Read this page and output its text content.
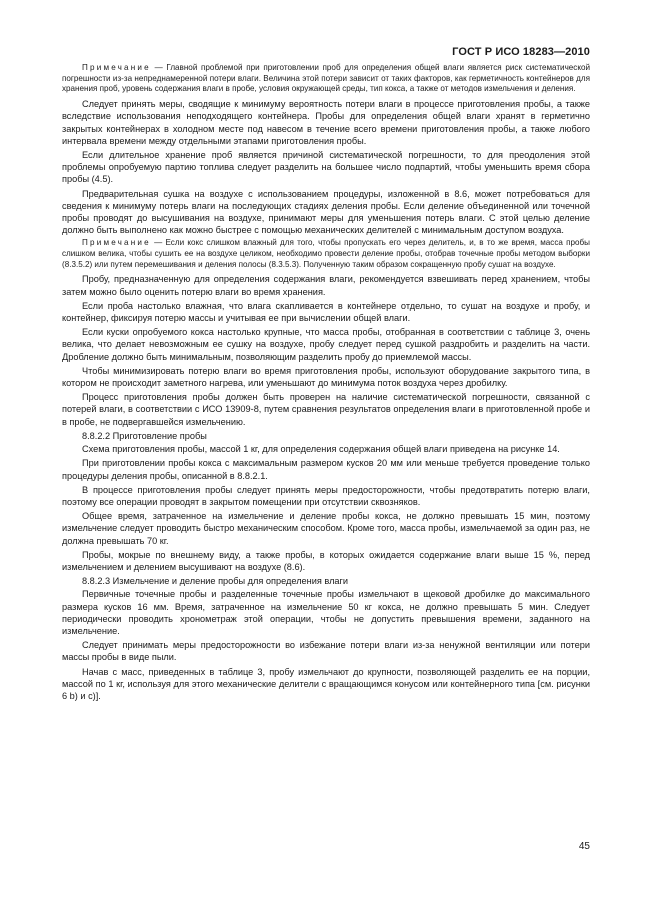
ГОСТ Р ИСО 18283—2010

Примечание — Главной проблемой при приготовлении проб для определения общей влаги является риск систематической погрешности из-за непреднамеренной потери влаги. Величина этой потери зависит от таких факторов, как герметичность контейнеров для хранения проб, уровень содержания влаги в пробе, условия окружающей среды, тип кокса, а также от методов измельчения и деления.

Следует принять меры, сводящие к минимуму вероятность потери влаги в процессе приготовления пробы, а также вследствие использования неподходящего контейнера. Пробы для определения общей влаги хранят в герметично закрытых контейнерах в холодном месте под навесом в течение всего времени приготовления пробы, а также любого интервала времени между отдельными этапами приготовления пробы.

Если длительное хранение проб является причиной систематической погрешности, то для преодоления этой проблемы опробуемую партию топлива следует разделить на большее число подпартий, чтобы уменьшить время сбора пробы (4.5).

Предварительная сушка на воздухе с использованием процедуры, изложенной в 8.6, может потребоваться для сведения к минимуму потерь влаги на последующих стадиях деления пробы. Если деление объединенной или точечной пробы проводят до высушивания на воздухе, принимают меры для уменьшения потерь влаги. С этой целью деление должно быть выполнено как можно быстрее с помощью механических делителей с минимальным доступом воздуха.

Примечание — Если кокс слишком влажный для того, чтобы пропускать его через делитель, и, в то же время, масса пробы слишком велика, чтобы сушить ее на воздухе целиком, необходимо провести деление пробы, отобрав точечные пробы методом выборки (8.3.5.2) или путем перемешивания и деления полосы (8.3.5.3). Полученную таким образом сокращенную пробу сушат на воздухе.

Пробу, предназначенную для определения содержания влаги, рекомендуется взвешивать перед хранением, чтобы затем можно было оценить потерю влаги во время хранения.

Если проба настолько влажная, что влага скапливается в контейнере отдельно, то сушат на воздухе и пробу, и контейнер, фиксируя потерю массы и учитывая ее при вычислении общей влаги.

Если куски опробуемого кокса настолько крупные, что масса пробы, отобранная в соответствии с таблице 3, очень велика, что делает невозможным ее сушку на воздухе, пробу следует перед сушкой раздробить и разделить на части. Дробление должно быть минимальным, позволяющим разделить пробу до приемлемой массы.

Чтобы минимизировать потерю влаги во время приготовления пробы, используют оборудование закрытого типа, в котором не происходит заметного нагрева, или уменьшают до минимума поток воздуха через дробилку.

Процесс приготовления пробы должен быть проверен на наличие систематической погрешности, связанной с потерей влаги, в соответствии с ИСО 13909-8, путем сравнения результатов определения влаги в приготовленной пробе и в пробе, не подвергавшейся измельчению.

8.8.2.2 Приготовление пробы

Схема приготовления пробы, массой 1 кг, для определения содержания общей влаги приведена на рисунке 14.

При приготовлении пробы кокса с максимальным размером кусков 20 мм или меньше требуется проведение только процедуры деления пробы, описанной в 8.8.2.1.

В процессе приготовления пробы следует принять меры предосторожности, чтобы предотвратить потерю влаги, поэтому все операции проводят в закрытом помещении при отсутствии сквозняков.

Общее время, затраченное на измельчение и деление пробы кокса, не должно превышать 15 мин, поэтому измельчение следует проводить быстро механическим способом. Кроме того, масса пробы, измельчаемой за один раз, не должна превышать 70 кг.

Пробы, мокрые по внешнему виду, а также пробы, в которых ожидается содержание влаги выше 15 %, перед измельчением и делением высушивают на воздухе (8.6).

8.8.2.3 Измельчение и деление пробы для определения влаги

Первичные точечные пробы и разделенные точечные пробы измельчают в щековой дробилке до максимального размера кусков 16 мм. Время, затраченное на измельчение 50 кг кокса, не должно превышать 5 мин. Следует периодически проводить хронометраж этой операции, чтобы не допустить превышения времени, заданного на измельчение.

Следует принимать меры предосторожности во избежание потери влаги из-за ненужной вентиляции или потери массы пробы в виде пыли.

Начав с масс, приведенных в таблице 3, пробу измельчают до крупности, позволяющей разделить ее на порции, массой по 1 кг, используя для этого механические делители с вращающимся конусом или контейнерного типа [см. рисунки 6 b) и с)].

45
